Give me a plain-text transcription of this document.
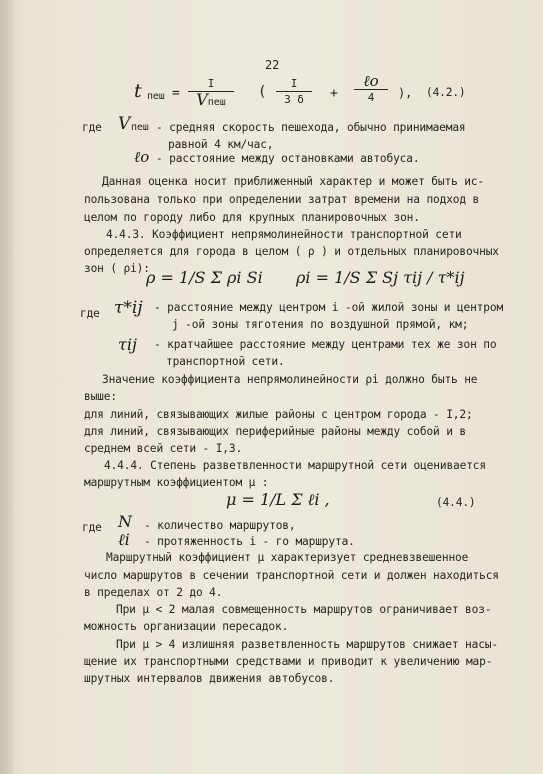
22
t пеш =
I
Vпеш
(
I
3 δ +
ℓo
4 ), (4.2.)
где V пеш - средняя скорость пешехода, обычно принимаемая
равной 4 км/час,
ℓo - расстояние между остановками автобуса.
Данная оценка носит приближенный характер и может быть ис-
пользована только при определении затрат времени на подход в
целом по городу либо для крупных планировочных зон.
4.4.3. Коэффициент непрямолинейности транспортной сети
определяется для города в целом ( ρ ) и отдельных планировочных
зон ( ρi):
ρ = 1/S Σ ρi Si ρi = 1/S Σ Sj τij / τ*ij
где τ*ij - расстояние между центром i -ой жилой зоны и центром
j -ой зоны тяготения по воздушной прямой, км;
τij - кратчайшее расстояние между центрами тех же зон по
транспортной сети.
Значение коэффициента непрямолинейности ρi должно быть не
выше:
для линий, связывающих жилые районы с центром города - I,2;
для линий, связывающих периферийные районы между собой и в
среднем всей сети - I,3.
4.4.4. Степень разветвленности маршрутной сети оценивается
маршрутным коэффициентом μ :
μ = 1/L Σ ℓi ,	(4.4.)
где N - количество маршрутов,
ℓi - протяженность i - го маршрута.
Маршрутный коэффициент μ характеризует средневзвешенное
число маршрутов в сечении транспортной сети и должен находиться
в пределах от 2 до 4.
При μ < 2 малая совмещенность маршрутов ограничивает воз-
можность организации пересадок.
При μ > 4 излишняя разветвленность маршрутов снижает насы-
щение их транспортными средствами и приводит к увеличению мар-
шрутных интервалов движения автобусов.
